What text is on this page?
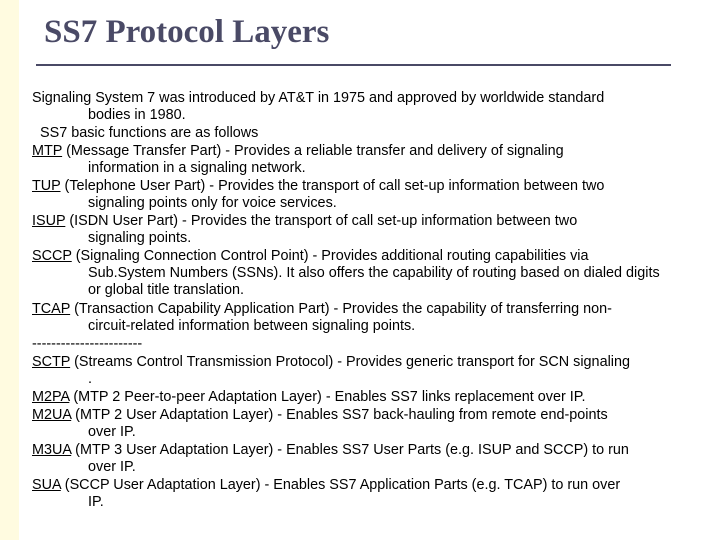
SS7 Protocol Layers

Signaling System 7 was introduced by AT&T in 1975 and approved by worldwide standard
bodies in 1980.

SS7 basic functions are as follows

MTP (Message Transfer Part) - Provides a reliable transfer and delivery of signaling
information in a signaling network.

TUP (Telephone User Part) - Provides the transport of call set-up information between two
signaling points only for voice services.

ISUP (ISDN User Part) - Provides the transport of call set-up information between two
signaling points.

SCCP (Signaling Connection Control Point) - Provides additional routing capabilities via
Sub.System Numbers (SSNs). It also offers the capability of routing based on dialed digits
or global title translation.

TCAP (Transaction Capability Application Part) - Provides the capability of transferring non-
circuit-related information between signaling points.

-----------------------

SCTP (Streams Control Transmission Protocol) - Provides generic transport for SCN signaling
.

M2PA (MTP 2 Peer-to-peer Adaptation Layer) - Enables SS7 links replacement over IP.

M2UA (MTP 2 User Adaptation Layer) - Enables SS7 back-hauling from remote end-points
over IP.

M3UA (MTP 3 User Adaptation Layer) - Enables SS7 User Parts (e.g. ISUP and SCCP) to run
over IP.

SUA (SCCP User Adaptation Layer) - Enables SS7 Application Parts (e.g. TCAP) to run over
IP.
